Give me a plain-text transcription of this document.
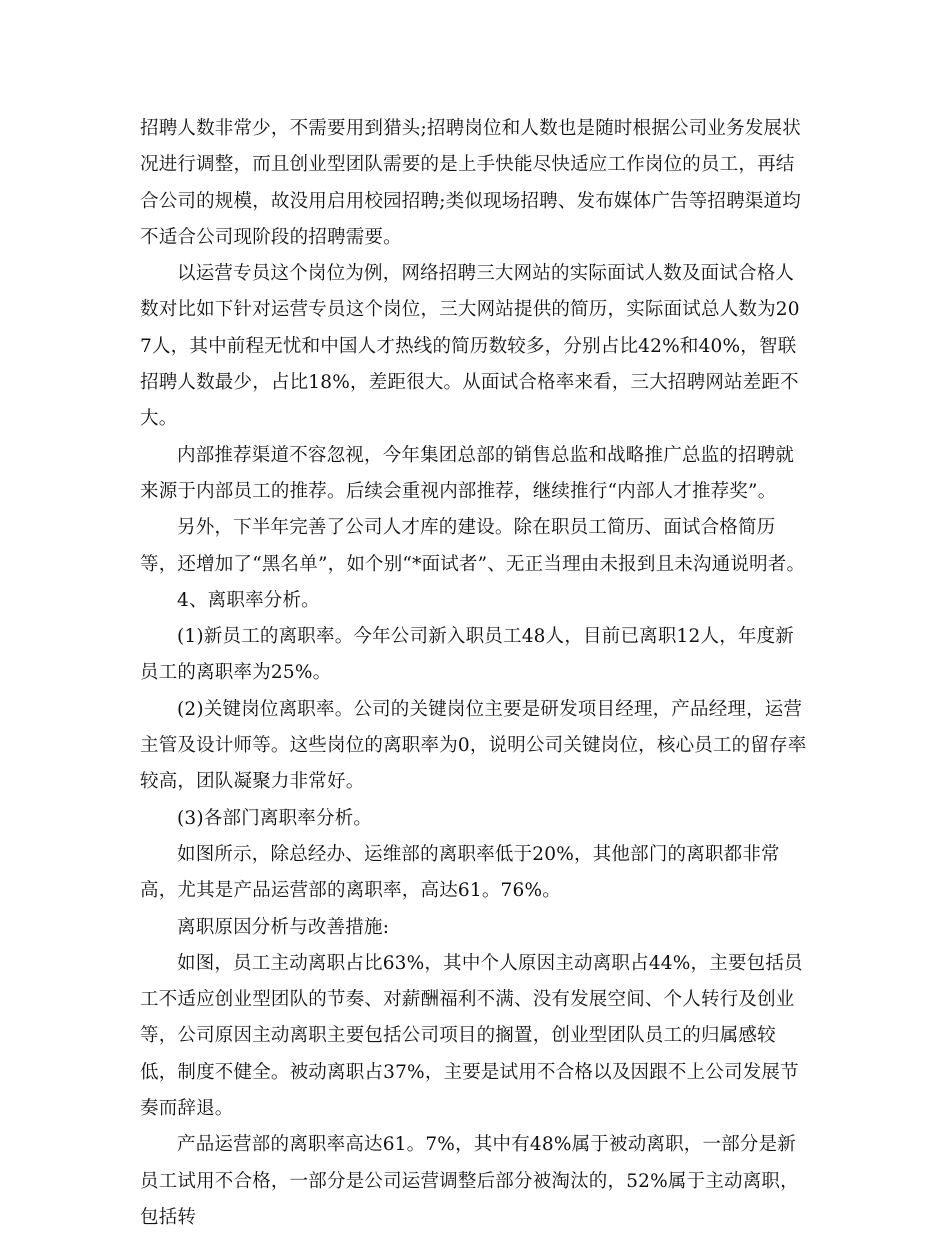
招聘人数非常少，不需要用到猎头;招聘岗位和人数也是随时根据公司业务发展状况进行调整，而且创业型团队需要的是上手快能尽快适应工作岗位的员工，再结合公司的规模，故没用启用校园招聘;类似现场招聘、发布媒体广告等招聘渠道均不适合公司现阶段的招聘需要。

以运营专员这个岗位为例，网络招聘三大网站的实际面试人数及面试合格人数对比如下针对运营专员这个岗位，三大网站提供的简历，实际面试总人数为207人，其中前程无忧和中国人才热线的简历数较多，分别占比42%和40%，智联招聘人数最少，占比18%，差距很大。从面试合格率来看，三大招聘网站差距不大。

内部推荐渠道不容忽视，今年集团总部的销售总监和战略推广总监的招聘就来源于内部员工的推荐。后续会重视内部推荐，继续推行“内部人才推荐奖”。

另外，下半年完善了公司人才库的建设。除在职员工简历、面试合格简历等，还增加了“黑名单”，如个别“*面试者”、无正当理由未报到且未沟通说明者。

4、离职率分析。

(1)新员工的离职率。今年公司新入职员工48人，目前已离职12人，年度新员工的离职率为25%。

(2)关键岗位离职率。公司的关键岗位主要是研发项目经理，产品经理，运营主管及设计师等。这些岗位的离职率为0，说明公司关键岗位，核心员工的留存率较高，团队凝聚力非常好。

(3)各部门离职率分析。

如图所示，除总经办、运维部的离职率低于20%，其他部门的离职都非常高，尤其是产品运营部的离职率，高达61。76%。

离职原因分析与改善措施:

如图，员工主动离职占比63%，其中个人原因主动离职占44%，主要包括员工不适应创业型团队的节奏、对薪酬福利不满、没有发展空间、个人转行及创业等，公司原因主动离职主要包括公司项目的搁置，创业型团队员工的归属感较低，制度不健全。被动离职占37%，主要是试用不合格以及因跟不上公司发展节奏而辞退。

产品运营部的离职率高达61。7%，其中有48%属于被动离职，一部分是新员工试用不合格，一部分是公司运营调整后部分被淘汰的，52%属于主动离职，包括转
